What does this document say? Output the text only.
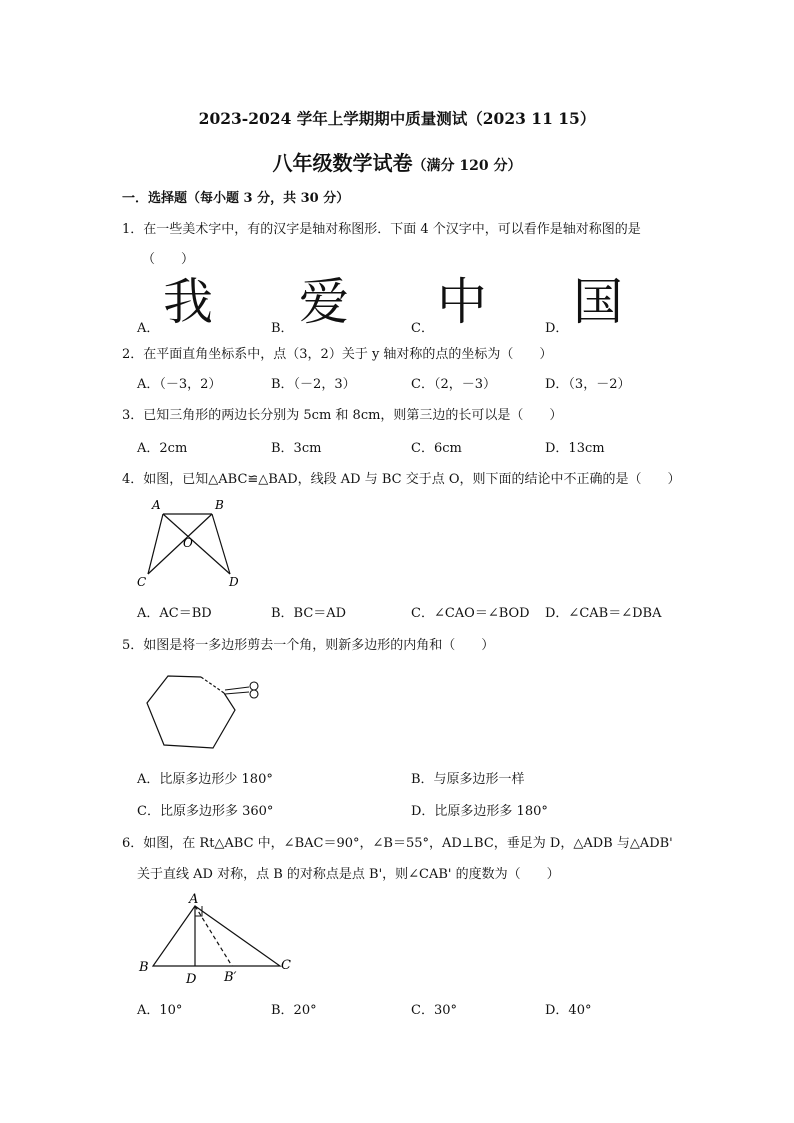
2023-2024 学年上学期期中质量测试（2023 11 15）
八年级数学试卷（满分 120 分）
一．选择题（每小题 3 分，共 30 分）
1．在一些美术字中，有的汉字是轴对称图形．下面 4 个汉字中，可以看作是轴对称图的是
（　　）
A． 我	B． 爱	C． 中	D． 国
2．在平面直角坐标系中，点（3，2）关于 y 轴对称的点的坐标为（　　）
A．（－3，2）	B．（－2，3）	C．（2，－3）	D．（3，－2）
3．已知三角形的两边长分别为 5cm 和 8cm，则第三边的长可以是（　　）
A．2cm	B．3cm	C．6cm	D．13cm
4．如图，已知△ABC≌△BAD，线段 AD 与 BC 交于点 O，则下面的结论中不正确的是（　　）
A	B
O
C	D
A．AC＝BD	B．BC＝AD	C．∠CAO＝∠BOD D．∠CAB＝∠DBA
5．如图是将一多边形剪去一个角，则新多边形的内角和（　　）
A．比原多边形少 180°	B．与原多边形一样
C．比原多边形多 360°	D．比原多边形多 180°
6．如图，在 Rt△ABC 中，∠BAC＝90°，∠B＝55°，AD⊥BC，垂足为 D，△ADB 与△ADB'
关于直线 AD 对称，点 B 的对称点是点 B'，则∠CAB' 的度数为（　　）
A
B
D B′
C
A．10°	B．20°	C．30°	D．40°
